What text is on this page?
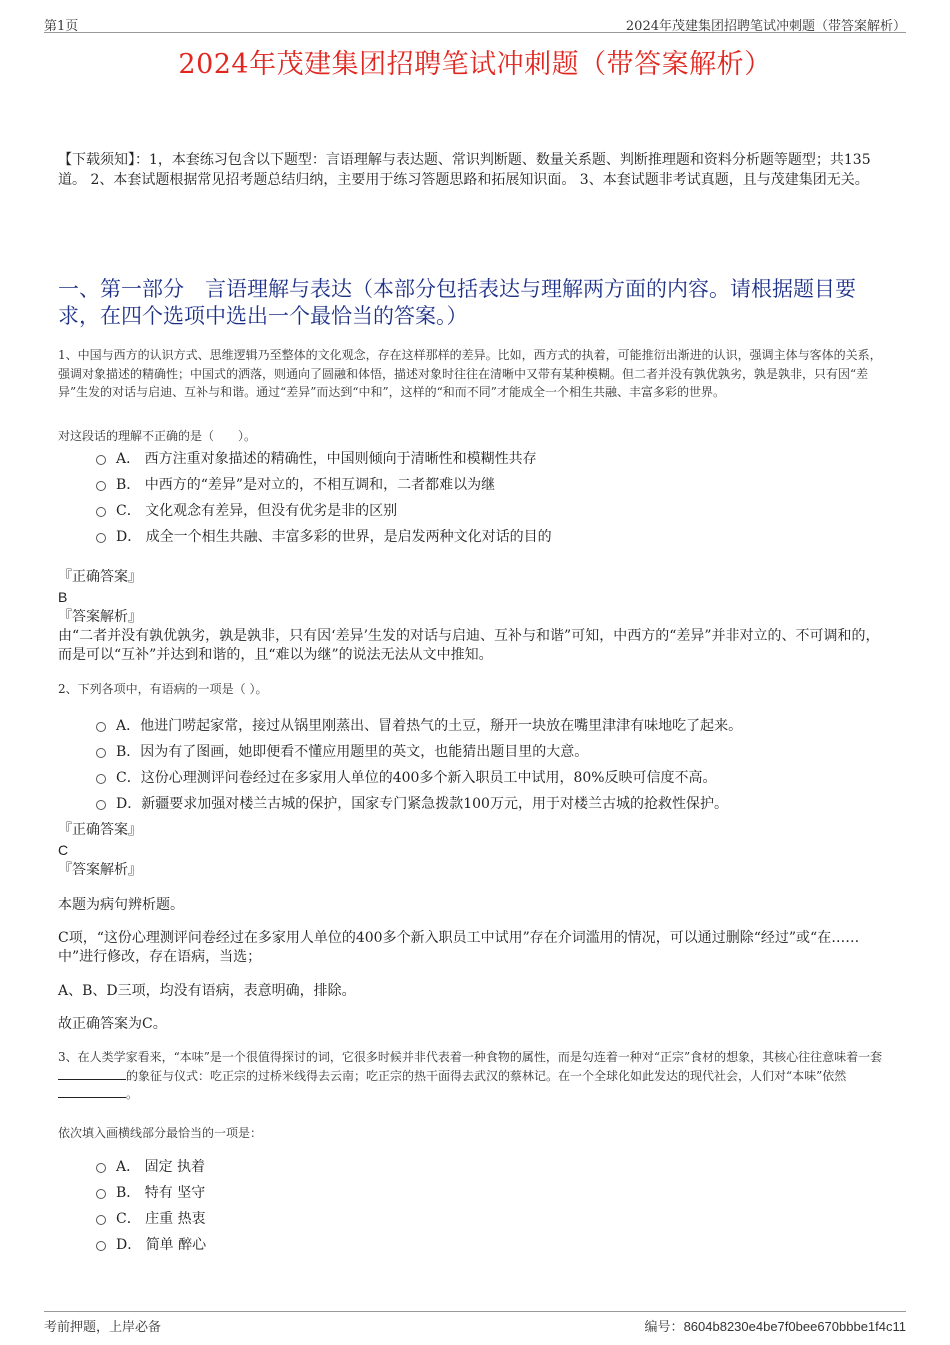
第1页	2024年茂建集团招聘笔试冲刺题（带答案解析）
2024年茂建集团招聘笔试冲刺题（带答案解析）
【下载须知】：1，本套练习包含以下题型：言语理解与表达题、常识判断题、数量关系题、判断推理题和资料分析题等题型；共135道。 2、本套试题根据常见招考题总结归纳，主要用于练习答题思路和拓展知识面。 3、本套试题非考试真题，且与茂建集团无关。
一、第一部分　言语理解与表达（本部分包括表达与理解两方面的内容。请根据题目要求，在四个选项中选出一个最恰当的答案。）
1、中国与西方的认识方式、思维逻辑乃至整体的文化观念，存在这样那样的差异。比如，西方式的执着，可能推衍出渐进的认识，强调主体与客体的关系，强调对象描述的精确性；中国式的洒落，则通向了圆融和体悟，描述对象时往往在清晰中又带有某种模糊。但二者并没有孰优孰劣，孰是孰非，只有因“差异”生发的对话与启迪、互补与和谐。通过“差异”而达到“中和”，这样的“和而不同”才能成全一个相生共融、丰富多彩的世界。
对这段话的理解不正确的是（　　）。
A． 西方注重对象描述的精确性，中国则倾向于清晰性和模糊性共存
B． 中西方的“差异”是对立的，不相互调和，二者都难以为继
C． 文化观念有差异，但没有优劣是非的区别
D． 成全一个相生共融、丰富多彩的世界，是启发两种文化对话的目的
『正确答案』
B
『答案解析』
由“二者并没有孰优孰劣，孰是孰非，只有因‘差异’生发的对话与启迪、互补与和谐”可知，中西方的“差异”并非对立的、不可调和的，而是可以“互补”并达到和谐的，且“难以为继”的说法无法从文中推知。
2、下列各项中，有语病的一项是（ ）。
A．他进门唠起家常，接过从锅里刚蒸出、冒着热气的土豆，掰开一块放在嘴里津津有味地吃了起来。
B．因为有了图画，她即便看不懂应用题里的英文，也能猜出题目里的大意。
C．这份心理测评问卷经过在多家用人单位的400多个新入职员工中试用，80%反映可信度不高。
D．新疆要求加强对楼兰古城的保护，国家专门紧急拨款100万元，用于对楼兰古城的抢救性保护。
『正确答案』
C
『答案解析』
本题为病句辨析题。
C项，“这份心理测评问卷经过在多家用人单位的400多个新入职员工中试用”存在介词滥用的情况，可以通过删除“经过”或“在……中”进行修改，存在语病，当选；
A、B、D三项，均没有语病，表意明确，排除。
故正确答案为C。
3、在人类学家看来，“本味”是一个很值得探讨的词，它很多时候并非代表着一种食物的属性，而是勾连着一种对“正宗”食材的想象，其核心往往意味着一套的象征与仪式：吃正宗的过桥米线得去云南；吃正宗的热干面得去武汉的蔡林记。在一个全球化如此发达的现代社会，人们对“本味”依然。
依次填入画横线部分最恰当的一项是：
A． 固定 执着
B． 特有 坚守
C． 庄重 热衷
D． 简单 醉心
考前押题，上岸必备	编号：8604b8230e4be7f0bee670bbbe1f4c11
